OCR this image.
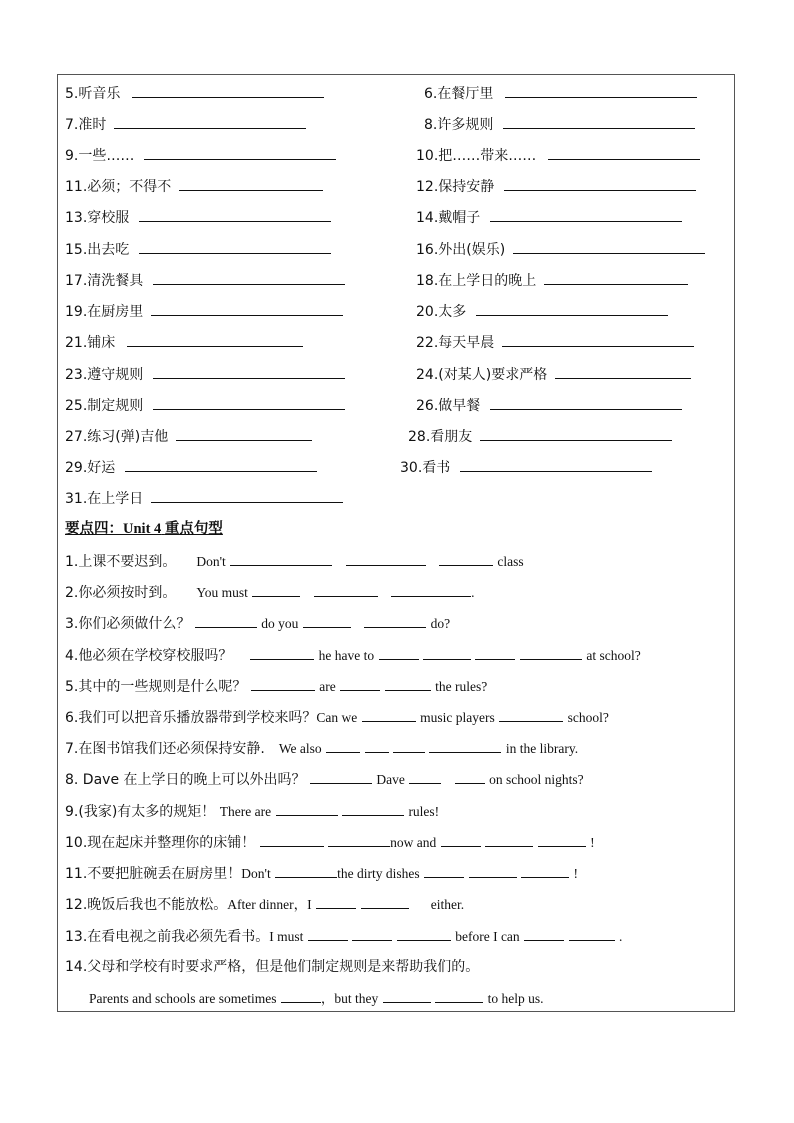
5.听音乐	6.在餐厅里
7.准时	8.许多规则
9.一些……	10.把……带来……
11.必须；不得不	12.保持安静
13.穿校服	14.戴帽子
15.出去吃	16.外出(娱乐)
17.清洗餐具	18.在上学日的晚上
19.在厨房里	20.太多
21.铺床	22.每天早晨
23.遵守规则	24.(对某人)要求严格
25.制定规则	26.做早餐
27.练习(弹)吉他	28.看朋友
29.好运	30.看书
31.在上学日
要点四：Unit 4 重点句型
1.上课不要迟到。 Don't	class
2.你必须按时到。 You must	.
3.你们必须做什么？	do you	do?
4.他必须在学校穿校服吗？	he have to	at school?
5.其中的一些规则是什么呢？	are	the rules?
6.我们可以把音乐播放器带到学校来吗？Can we	music players	school?
7.在图书馆我们还必须保持安静. We also	in the library.
8. Dave 在上学日的晚上可以外出吗？	Dave	on school nights?
9.(我家)有太多的规矩！ There are	rules!
10.现在起床并整理你的床铺！	now and	!
11.不要把脏碗丢在厨房里！Don't	the dirty dishes	!
12.晚饭后我也不能放松。After dinner，I	either.
13.在看电视之前我必须先看书。I must	before I can	.
14.父母和学校有时要求严格，但是他们制定规则是来帮助我们的。
Parents and schools are sometimes	，but they	to help us.
